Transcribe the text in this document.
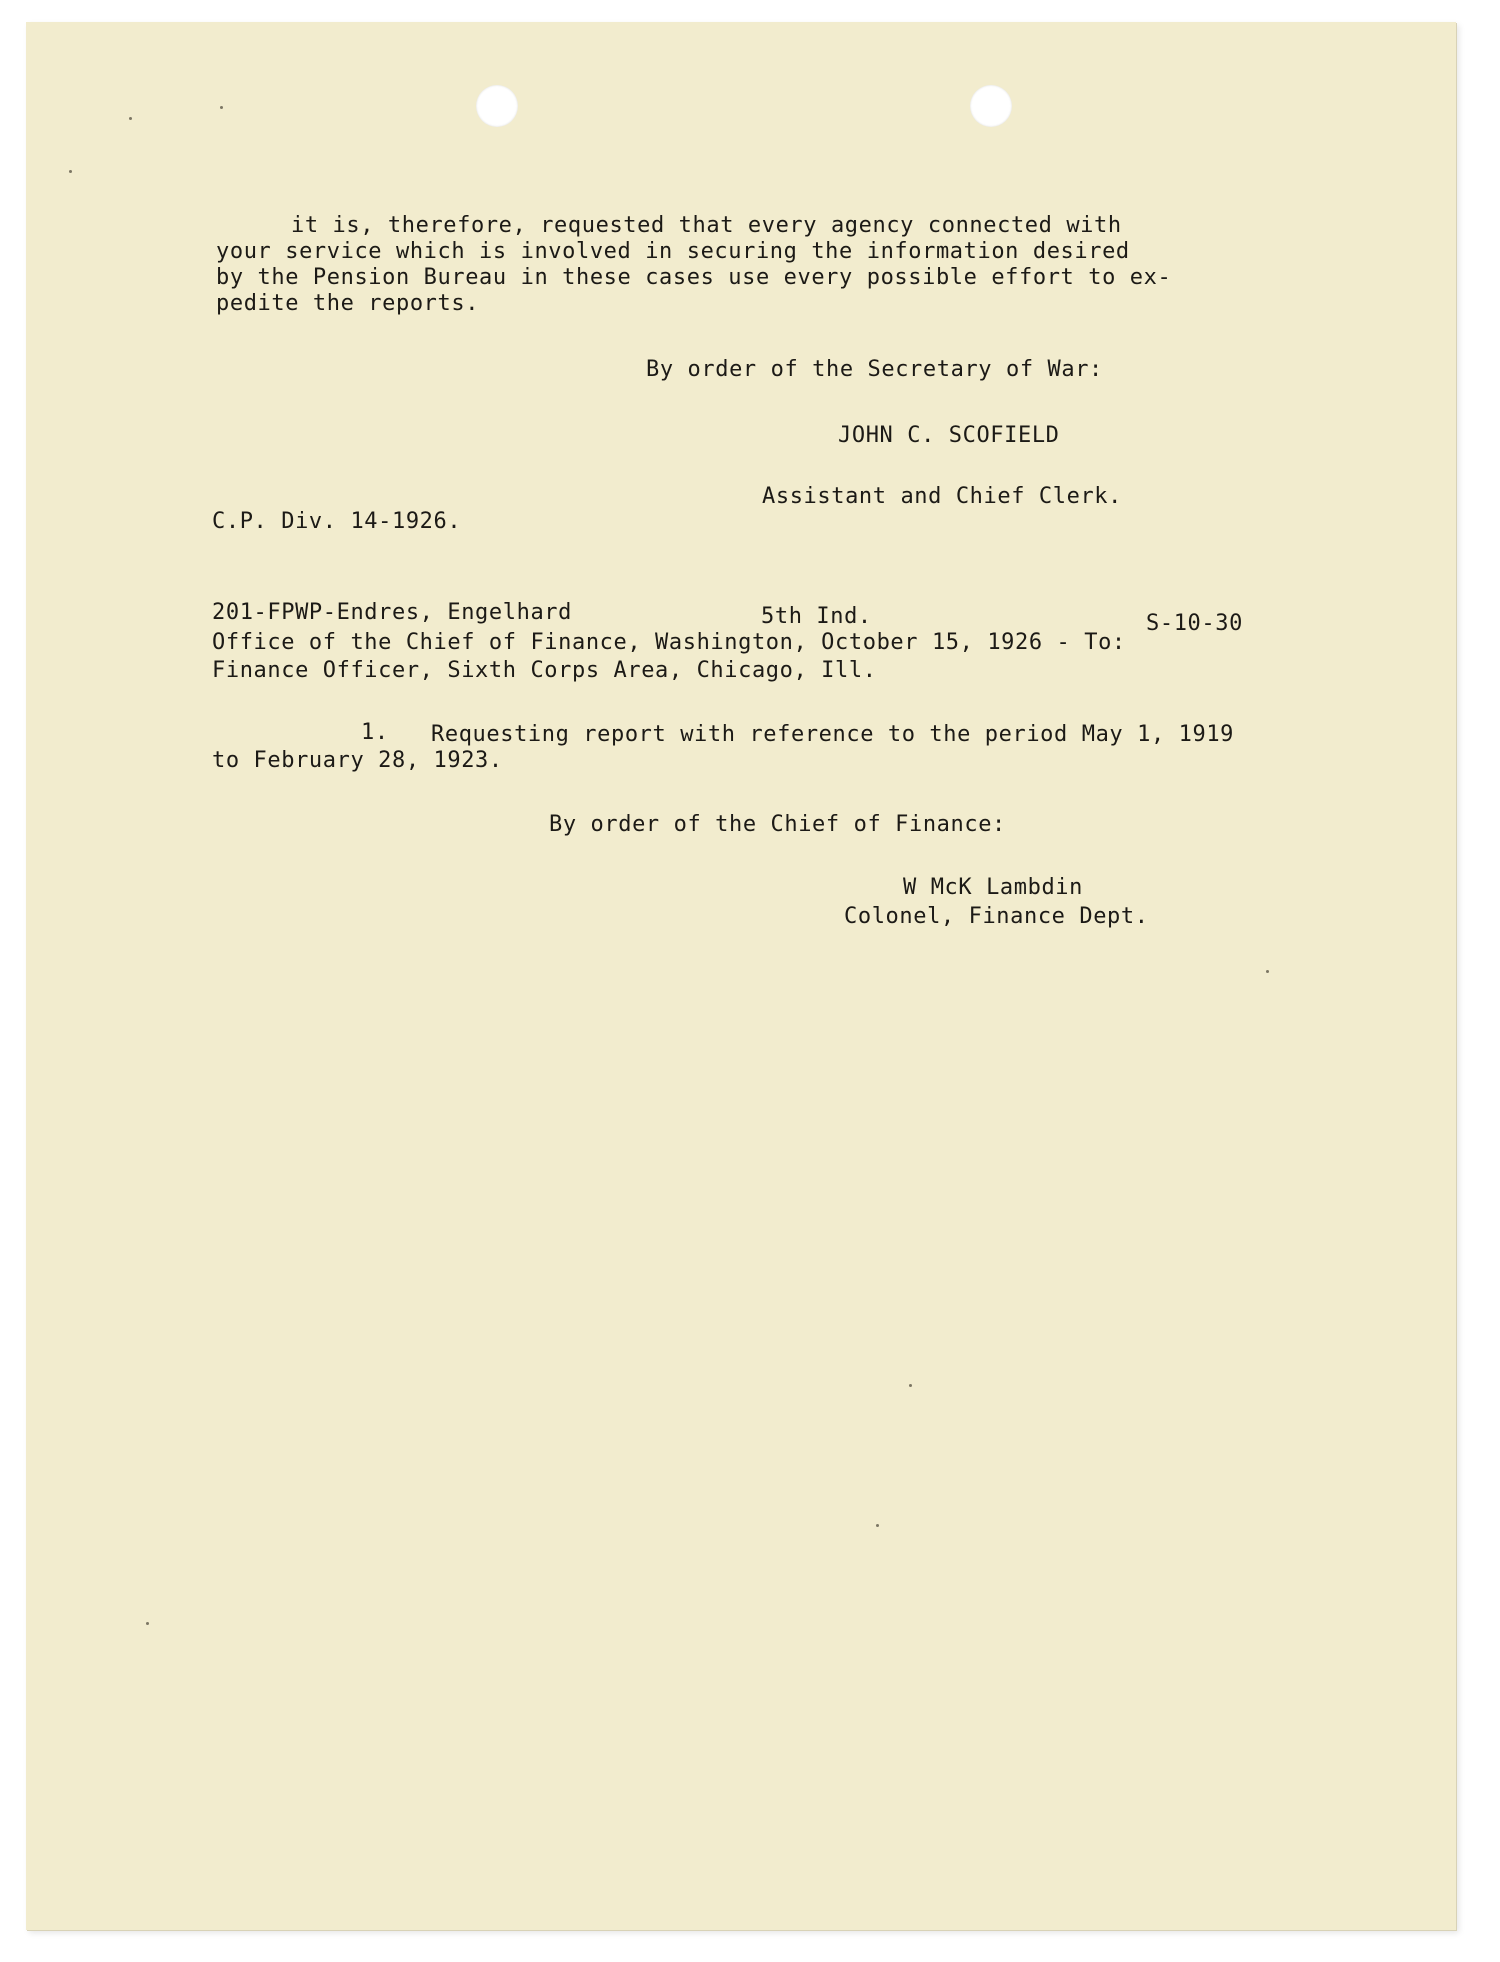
it is, therefore, requested that every agency connected with
your service which is involved in securing the information desired
by the Pension Bureau in these cases use every possible effort to ex-
pedite the reports.
By order of the Secretary of War:
JOHN C. SCOFIELD
Assistant and Chief Clerk.
C.P. Div. 14-1926.
201-FPWP-Endres, Engelhard	5th Ind.	S-10-30
Office of the Chief of Finance, Washington, October 15, 1926 - To:
Finance Officer, Sixth Corps Area, Chicago, Ill.
1. Requesting report with reference to the period May 1, 1919
to February 28, 1923.
By order of the Chief of Finance:
W McK Lambdin
Colonel, Finance Dept.
